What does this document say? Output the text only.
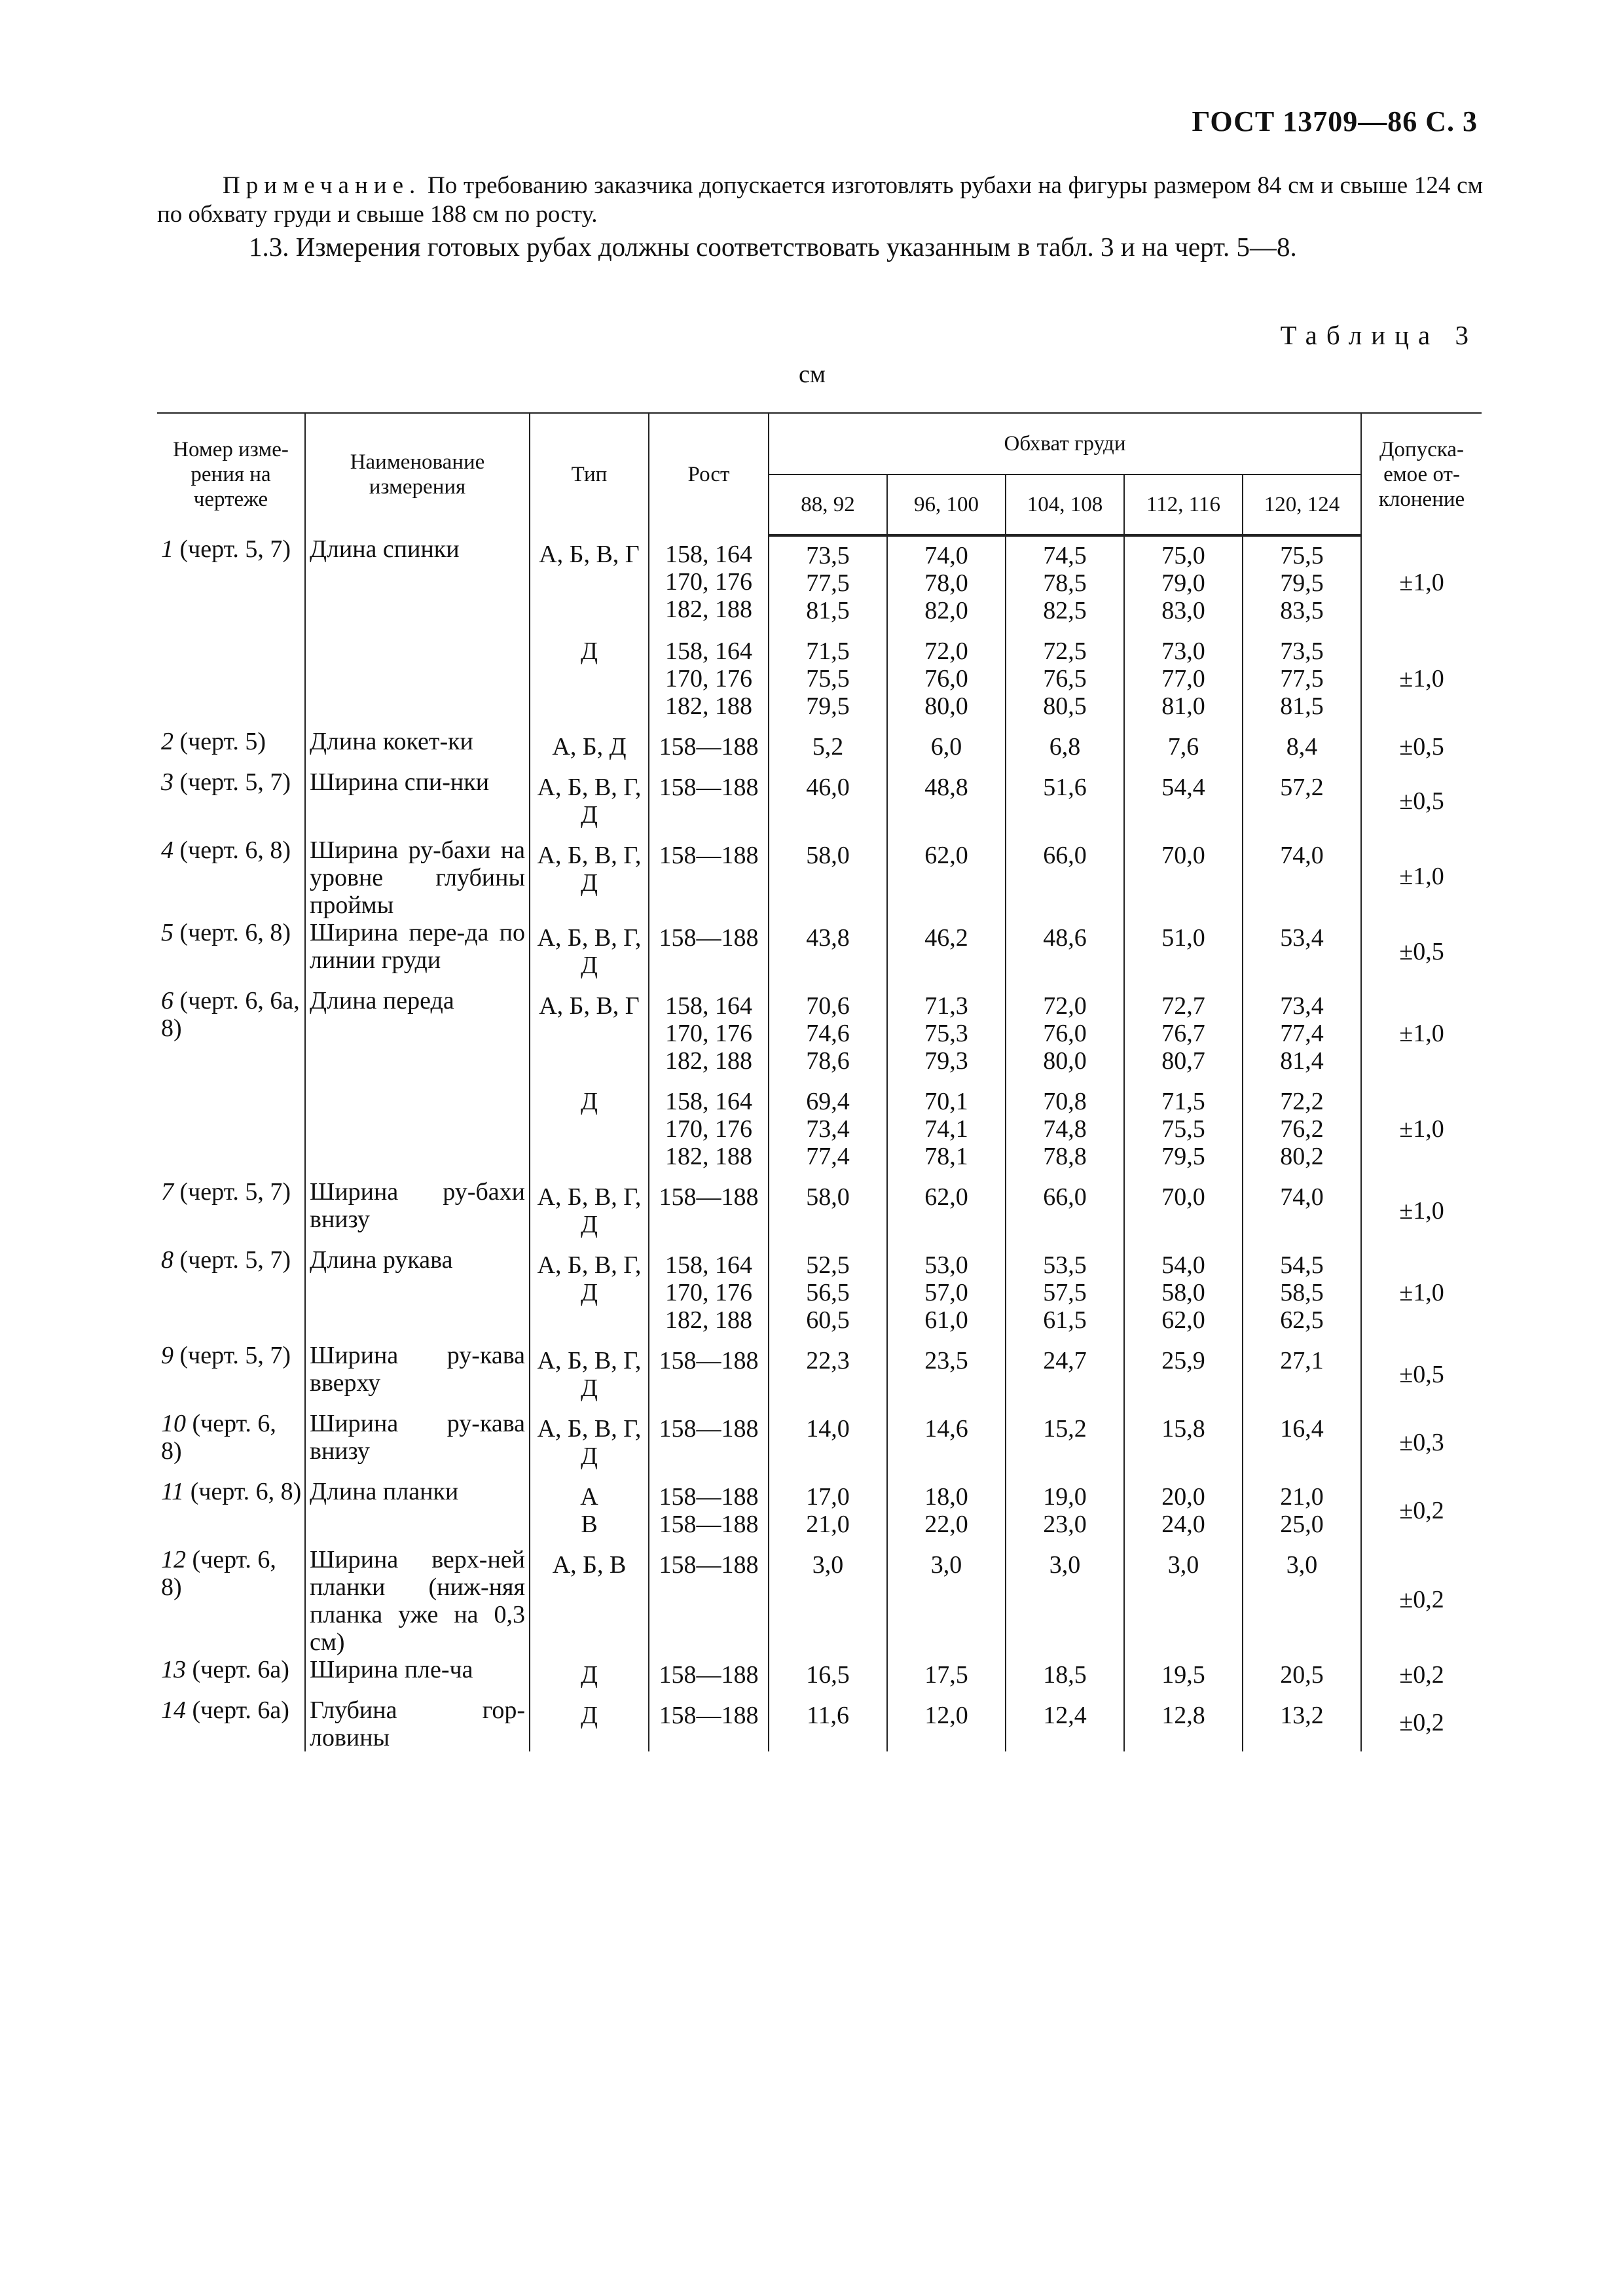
ГОСТ 13709—86 С. 3

Примечание. По требованию заказчика допускается изготовлять рубахи на фигуры размером 84 см и свыше 124 см по обхвату груди и свыше 188 см по росту.

1.3. Измерения готовых рубах должны соответствовать указанным в табл. 3 и на черт. 5—8.
Таблица 3
см
Номер изме-рения на чертеже	Наименование измерения	Тип	Рост	Обхват груди					Допуска-емое от-клонение
				88, 92	96, 100	104, 108	112, 116	120, 124	
1 (черт. 5, 7)	Длина спинки	А, Б, В, Г	158, 164
170, 176
182, 188	73,5
77,5
81,5	74,0
78,0
82,0	74,5
78,5
82,5	75,0
79,0
83,0	75,5
79,5
83,5	±1,0
		Д	158, 164
170, 176
182, 188	71,5
75,5
79,5	72,0
76,0
80,0	72,5
76,5
80,5	73,0
77,0
81,0	73,5
77,5
81,5	±1,0
2 (черт. 5)	Длина кокет-ки	А, Б, Д	158—188	5,2	6,0	6,8	7,6	8,4	±0,5
3 (черт. 5, 7)	Ширина спи-нки	А, Б, В, Г, Д	158—188	46,0	48,8	51,6	54,4	57,2	±0,5
4 (черт. 6, 8)	Ширина ру-бахи на уровне глубины проймы	А, Б, В, Г, Д	158—188	58,0	62,0	66,0	70,0	74,0	±1,0
5 (черт. 6, 8)	Ширина пере-да по линии груди	А, Б, В, Г, Д	158—188	43,8	46,2	48,6	51,0	53,4	±0,5
6 (черт. 6, 6а, 8)	Длина переда	А, Б, В, Г	158, 164
170, 176
182, 188	70,6
74,6
78,6	71,3
75,3
79,3	72,0
76,0
80,0	72,7
76,7
80,7	73,4
77,4
81,4	±1,0
		Д	158, 164
170, 176
182, 188	69,4
73,4
77,4	70,1
74,1
78,1	70,8
74,8
78,8	71,5
75,5
79,5	72,2
76,2
80,2	±1,0
7 (черт. 5, 7)	Ширина ру-бахи внизу	А, Б, В, Г, Д	158—188	58,0	62,0	66,0	70,0	74,0	±1,0
8 (черт. 5, 7)	Длина рукава	А, Б, В, Г, Д	158, 164
170, 176
182, 188	52,5
56,5
60,5	53,0
57,0
61,0	53,5
57,5
61,5	54,0
58,0
62,0	54,5
58,5
62,5	±1,0
9 (черт. 5, 7)	Ширина ру-кава вверху	А, Б, В, Г, Д	158—188	22,3	23,5	24,7	25,9	27,1	±0,5
10 (черт. 6, 8)	Ширина ру-кава внизу	А, Б, В, Г, Д	158—188	14,0	14,6	15,2	15,8	16,4	±0,3
11 (черт. 6, 8)	Длина планки	А
В	158—188
158—188	17,0
21,0	18,0
22,0	19,0
23,0	20,0
24,0	21,0
25,0	±0,2
12 (черт. 6, 8)	Ширина верх-ней планки (ниж-няя планка уже на 0,3 см)	А, Б, В	158—188	3,0	3,0	3,0	3,0	3,0	±0,2
13 (черт. 6а)	Ширина пле-ча	Д	158—188	16,5	17,5	18,5	19,5	20,5	±0,2
14 (черт. 6а)	Глубина гор-ловины	Д	158—188	11,6	12,0	12,4	12,8	13,2	±0,2
